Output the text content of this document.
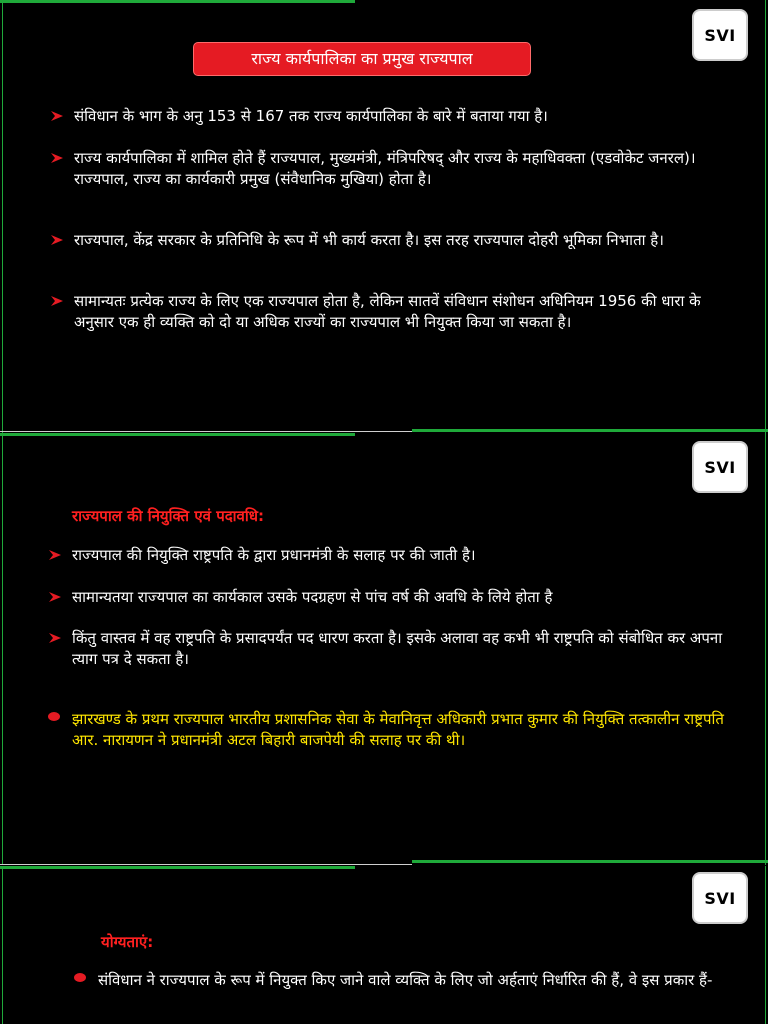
SVI
राज्य कार्यपालिका का प्रमुख राज्यपाल
संविधान के भाग के अनु 153 से 167 तक राज्य कार्यपालिका के बारे में बताया गया है।
राज्य कार्यपालिका में शामिल होते हैं राज्यपाल, मुख्यमंत्री, मंत्रिपरिषद् और राज्य के महाधिवक्ता (एडवोकेट जनरल)। राज्यपाल, राज्य का कार्यकारी प्रमुख (संवैधानिक मुखिया) होता है।
राज्यपाल, केंद्र सरकार के प्रतिनिधि के रूप में भी कार्य करता है। इस तरह राज्यपाल दोहरी भूमिका निभाता है।
सामान्यतः प्रत्येक राज्य के लिए एक राज्यपाल होता है, लेकिन सातवें संविधान संशोधन अधिनियम 1956 की धारा के अनुसार एक ही व्यक्ति को दो या अधिक राज्यों का राज्यपाल भी नियुक्त किया जा सकता है।
SVI
राज्यपाल की नियुक्ति एवं पदावधि:
राज्यपाल की नियुक्ति राष्ट्रपति के द्वारा प्रधानमंत्री के सलाह पर की जाती है।
सामान्यतया राज्यपाल का कार्यकाल उसके पदग्रहण से पांच वर्ष की अवधि के लिये होता है
किंतु वास्तव में वह राष्ट्रपति के प्रसादपर्यंत पद धारण करता है। इसके अलावा वह कभी भी राष्ट्रपति को संबोधित कर अपना त्याग पत्र दे सकता है।
झारखण्ड के प्रथम राज्यपाल भारतीय प्रशासनिक सेवा के मेवानिवृत्त अधिकारी प्रभात कुमार की नियुक्ति तत्कालीन राष्ट्रपति आर. नारायणन ने प्रधानमंत्री अटल बिहारी बाजपेयी की सलाह पर की थी।
SVI
योग्यताएं:
संविधान ने राज्यपाल के रूप में नियुक्त किए जाने वाले व्यक्ति के लिए जो अर्हताएं निर्धारित की हैं, वे इस प्रकार हैं-
